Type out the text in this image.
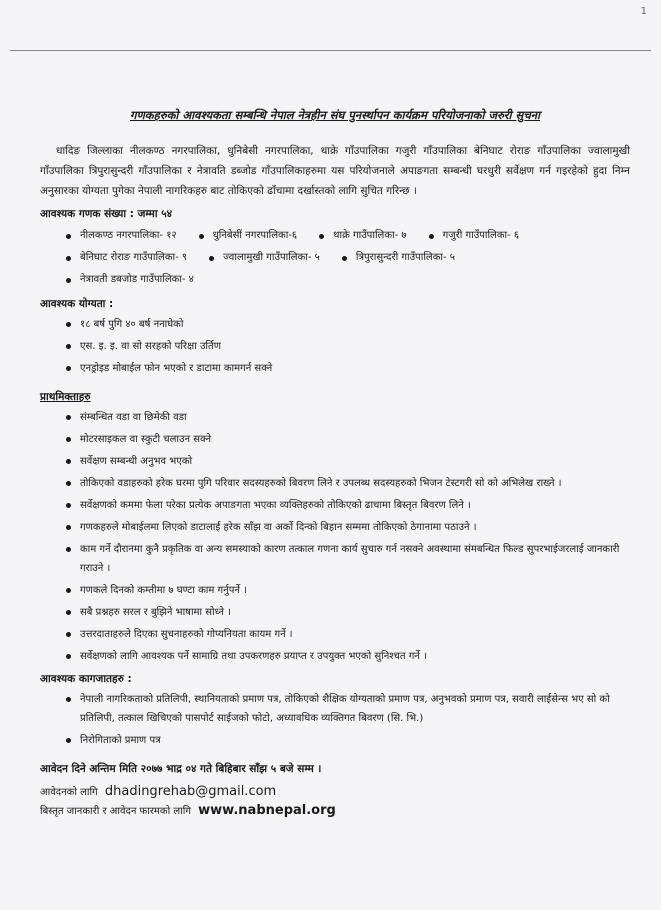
1
गणकहरुको आवश्यकता सम्बन्धि नेपाल नेत्रहीन संघ पुनर्स्थापन कार्यक्रम परियोजनाको जरुरी सुचना

धादिङ जिल्लाका नीलकण्ठ नगरपालिका, धुनिबेसी नगरपालिका, थाक्रे गाँउपालिका गजुरी गाँउपालिका बेनिघाट रोराङ गाँउपालिका ज्वालामुखी गाँउपालिका त्रिपुरासुन्दरी गाँउपालिका र नेत्रावति डब्जोड गाँउपालिकाहरुमा यस परियोजनाले अपाङगता सम्बन्धी घरधुरी सर्वेक्षण गर्न गइरहेको हुदा निम्न अनुसारका योग्यता पुगेका नेपाली नागरिकहरु बाट तोकिएको ढाँचामा दर्खास्तको लागि सुचित गरिन्छ ।

आवश्यक गणक संख्या : जम्मा ५४
नीलकण्ठ नगरपालिका- १२	धुनिबेसीं नगरपालिका-६	थाक्रे गाउँपालिका- ७	गजुरी गाउँपालिका- ६
बेनिघाट रोराङ गाउँपालिका- ९	ज्वालामुखी गाउँपालिका- ५	त्रिपुरासुन्दरी गाउँपालिका- ५
नेत्रावती डबजोड गाउँपालिका- ४
आवश्यक योग्यता :
१८ बर्ष पुगि ४० बर्ष ननाघेको
एस. इ. इ. वा सो सरहको परिक्षा उर्तिण
एनड्रोइड मोबाईल फोन भएको र डाटामा कामगर्न सक्ने
प्राथमिक्ताहरु
संम्बन्धित वडा वा छिमेकी वडा
मोटरसाइकल वा स्कुटी चलाउन सक्ने
सर्वेक्षण सम्बन्धी अनुभव भएको
तोकिएको वडाहरुको हरेक घरमा पुगि परिवार सदस्यहरुको बिवरण लिने र उपलब्ध सदस्यहरुको भिजन टेस्टगरी सो को अभिलेख राख्ने ।
सर्वेक्षणको कममा फेला परेका प्रत्येक अपाङगता भएका व्यक्तिहरुको तोकिएको ढाचामा बिस्तृत बिवरण लिने ।
गणकहरुले मोबाईलमा लिएको डाटालाई हरेक साँझ वा अर्को दिन्को बिहान सम्ममा तोकिएको ठेगानामा पठाउने ।
काम गर्ने दौरानमा कुनै प्रकृतिक वा अन्य समस्याको कारण तत्काल गणना कार्य सुचारु गर्न नसक्ने अवस्थामा संमबन्धित फिल्ड सुपरभाईजरलाई जानकारी गराउने ।
गणकले दिनको कम्तीमा ७ घण्टा काम गर्नुपर्ने ।
सबै प्रश्नहरु सरल र बुझिने भाषामा सोध्ने ।
उत्तरदाताहरुले दिएका सुचनाहरुको गोप्यनियता कायम गर्ने ।
सर्वेक्षणको लागि आवश्यक पर्ने सामाग्रि तथा उपकरणहरु प्रयाप्त र उपयुक्त भएको सुनिश्चत गर्ने ।
आवश्यक कागजातहरु :
नेपाली नागरिकताको प्रतिलिपी, स्थानियताको प्रमाण पत्र, तोकिएको शैक्षिक योग्यताको प्रमाण पत्र, अनुभवको प्रमाण पत्र, सवारी लाईसेन्स भए सो को प्रतिलिपी, तत्काल खिचिएको पासपोर्ट साईजको फोटो, अध्यावधिक व्यक्तिगत बिवरण (सि. भि.)
निरोगिताको प्रमाण पत्र
आवेदन दिने अन्तिम मिति २०७७ भाद्र ०४ गते बिहिबार साँझ ५ बजे सम्म ।
आवेदनको लागि dhadingrehab@gmail.com
बिस्तृत जानकारी र आवेदन फारमको लागि www.nabnepal.org
